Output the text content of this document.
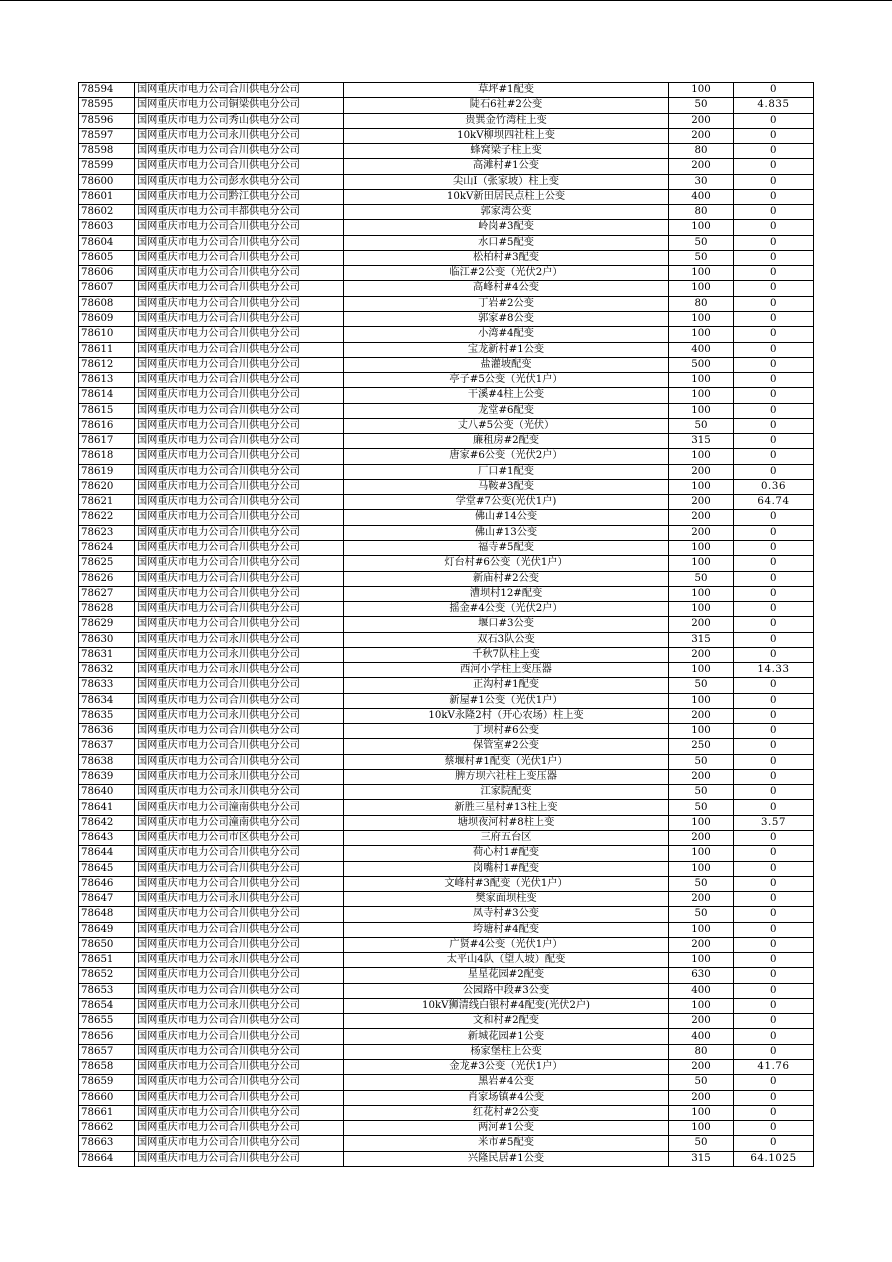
78594	国网重庆市电力公司合川供电分公司	草坪#1配变	100	0
78595	国网重庆市电力公司铜梁供电分公司	陡石6社#2公变	50	4.835
78596	国网重庆市电力公司秀山供电分公司	贵巽金竹湾柱上变	200	0
78597	国网重庆市电力公司永川供电分公司	10kV柳坝四社柱上变	200	0
78598	国网重庆市电力公司合川供电分公司	蜂窝梁子柱上变	80	0
78599	国网重庆市电力公司合川供电分公司	高滩村#1公变	200	0
78600	国网重庆市电力公司彭水供电分公司	尖山Ⅰ（张家坡）柱上变	30	0
78601	国网重庆市电力公司黔江供电分公司	10kV新田居民点柱上公变	400	0
78602	国网重庆市电力公司丰都供电分公司	郭家湾公变	80	0
78603	国网重庆市电力公司合川供电分公司	岭岗#3配变	100	0
78604	国网重庆市电力公司合川供电分公司	水口#5配变	50	0
78605	国网重庆市电力公司合川供电分公司	松柏村#3配变	50	0
78606	国网重庆市电力公司合川供电分公司	临江#2公变（光伏2户）	100	0
78607	国网重庆市电力公司合川供电分公司	高峰村#4公变	100	0
78608	国网重庆市电力公司合川供电分公司	丁岩#2公变	80	0
78609	国网重庆市电力公司合川供电分公司	郭家#8公变	100	0
78610	国网重庆市电力公司合川供电分公司	小湾#4配变	100	0
78611	国网重庆市电力公司合川供电分公司	宝龙新村#1公变	400	0
78612	国网重庆市电力公司合川供电分公司	盐灌坡配变	500	0
78613	国网重庆市电力公司合川供电分公司	亭子#5公变（光伏1户）	100	0
78614	国网重庆市电力公司合川供电分公司	干溪#4柱上公变	100	0
78615	国网重庆市电力公司合川供电分公司	龙堂#6配变	100	0
78616	国网重庆市电力公司合川供电分公司	丈八#5公变（光伏）	50	0
78617	国网重庆市电力公司合川供电分公司	廉租房#2配变	315	0
78618	国网重庆市电力公司合川供电分公司	唐家#6公变（光伏2户）	100	0
78619	国网重庆市电力公司合川供电分公司	厂口#1配变	200	0
78620	国网重庆市电力公司合川供电分公司	马鞍#3配变	100	0.36
78621	国网重庆市电力公司合川供电分公司	学堂#7公变(光伏1户)	200	64.74
78622	国网重庆市电力公司合川供电分公司	佛山#14公变	200	0
78623	国网重庆市电力公司合川供电分公司	佛山#13公变	200	0
78624	国网重庆市电力公司合川供电分公司	福寺#5配变	100	0
78625	国网重庆市电力公司合川供电分公司	灯台村#6公变（光伏1户）	100	0
78626	国网重庆市电力公司合川供电分公司	新庙村#2公变	50	0
78627	国网重庆市电力公司合川供电分公司	漕坝村12#配变	100	0
78628	国网重庆市电力公司合川供电分公司	摇金#4公变（光伏2户）	100	0
78629	国网重庆市电力公司合川供电分公司	堰口#3公变	200	0
78630	国网重庆市电力公司永川供电分公司	双石3队公变	315	0
78631	国网重庆市电力公司永川供电分公司	千秋7队柱上变	200	0
78632	国网重庆市电力公司永川供电分公司	西河小学柱上变压器	100	14.33
78633	国网重庆市电力公司合川供电分公司	正沟村#1配变	50	0
78634	国网重庆市电力公司合川供电分公司	新屋#1公变（光伏1户）	100	0
78635	国网重庆市电力公司永川供电分公司	10kV永隆2村（开心农场）柱上变	200	0
78636	国网重庆市电力公司合川供电分公司	丁坝村#6公变	100	0
78637	国网重庆市电力公司合川供电分公司	保管室#2公变	250	0
78638	国网重庆市电力公司合川供电分公司	蔡堰村#1配变（光伏1户）	50	0
78639	国网重庆市电力公司永川供电分公司	脾方坝六社柱上变压器	200	0
78640	国网重庆市电力公司永川供电分公司	江家院配变	50	0
78641	国网重庆市电力公司潼南供电分公司	新胜三星村#13柱上变	50	0
78642	国网重庆市电力公司潼南供电分公司	塘坝夜河村#8柱上变	100	3.57
78643	国网重庆市电力公司市区供电分公司	三府五台区	200	0
78644	国网重庆市电力公司合川供电分公司	荷心村1#配变	100	0
78645	国网重庆市电力公司合川供电分公司	岗嘴村1#配变	100	0
78646	国网重庆市电力公司合川供电分公司	文峰村#3配变（光伏1户）	50	0
78647	国网重庆市电力公司永川供电分公司	樊家面坝柱变	200	0
78648	国网重庆市电力公司合川供电分公司	凤寺村#3公变	50	0
78649	国网重庆市电力公司合川供电分公司	垮塘村#4配变	100	0
78650	国网重庆市电力公司合川供电分公司	广贤#4公变（光伏1户）	200	0
78651	国网重庆市电力公司永川供电分公司	太平山4队（望人坡）配变	100	0
78652	国网重庆市电力公司合川供电分公司	星星花园#2配变	630	0
78653	国网重庆市电力公司合川供电分公司	公园路中段#3公变	400	0
78654	国网重庆市电力公司永川供电分公司	10kV狮清线白银村#4配变(光伏2户)	100	0
78655	国网重庆市电力公司合川供电分公司	文和村#2配变	200	0
78656	国网重庆市电力公司合川供电分公司	新城花园#1公变	400	0
78657	国网重庆市电力公司合川供电分公司	杨家堡柱上公变	80	0
78658	国网重庆市电力公司合川供电分公司	金龙#3公变（光伏1户）	200	41.76
78659	国网重庆市电力公司合川供电分公司	黑岩#4公变	50	0
78660	国网重庆市电力公司合川供电分公司	肖家场镇#4公变	200	0
78661	国网重庆市电力公司合川供电分公司	红花村#2公变	100	0
78662	国网重庆市电力公司合川供电分公司	两河#1公变	100	0
78663	国网重庆市电力公司合川供电分公司	米市#5配变	50	0
78664	国网重庆市电力公司合川供电分公司	兴隆民居#1公变	315	64.1025
